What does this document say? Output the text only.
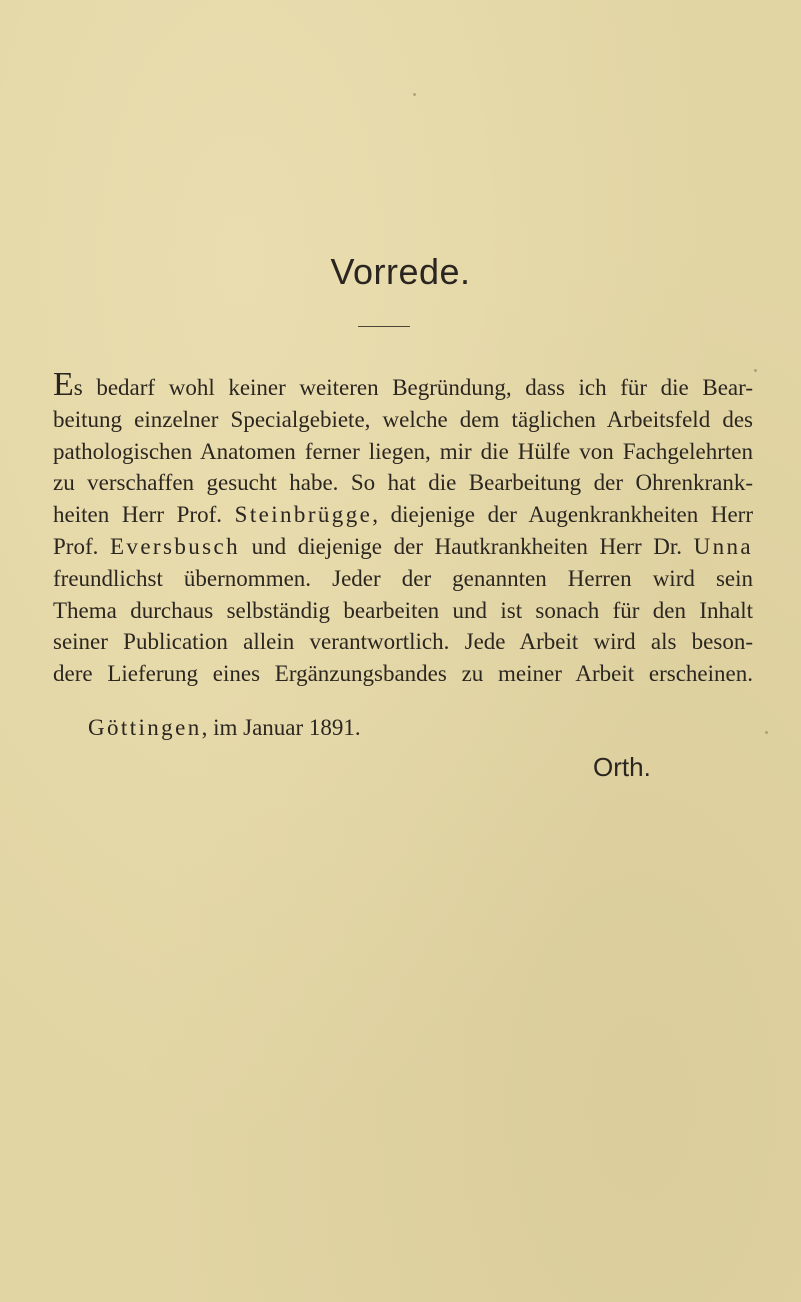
Vorrede.
Es bedarf wohl keiner weiteren Begründung, dass ich für die Bear-
beitung einzelner Specialgebiete, welche dem täglichen Arbeitsfeld des
pathologischen Anatomen ferner liegen, mir die Hülfe von Fachgelehrten
zu verschaffen gesucht habe. So hat die Bearbeitung der Ohrenkrank-
heiten Herr Prof. Steinbrügge, diejenige der Augenkrankheiten Herr
Prof. Eversbusch und diejenige der Hautkrankheiten Herr Dr. Unna
freundlichst übernommen. Jeder der genannten Herren wird sein
Thema durchaus selbständig bearbeiten und ist sonach für den Inhalt
seiner Publication allein verantwortlich. Jede Arbeit wird als beson-
dere Lieferung eines Ergänzungsbandes zu meiner Arbeit erscheinen.

Göttingen, im Januar 1891.

Orth.
